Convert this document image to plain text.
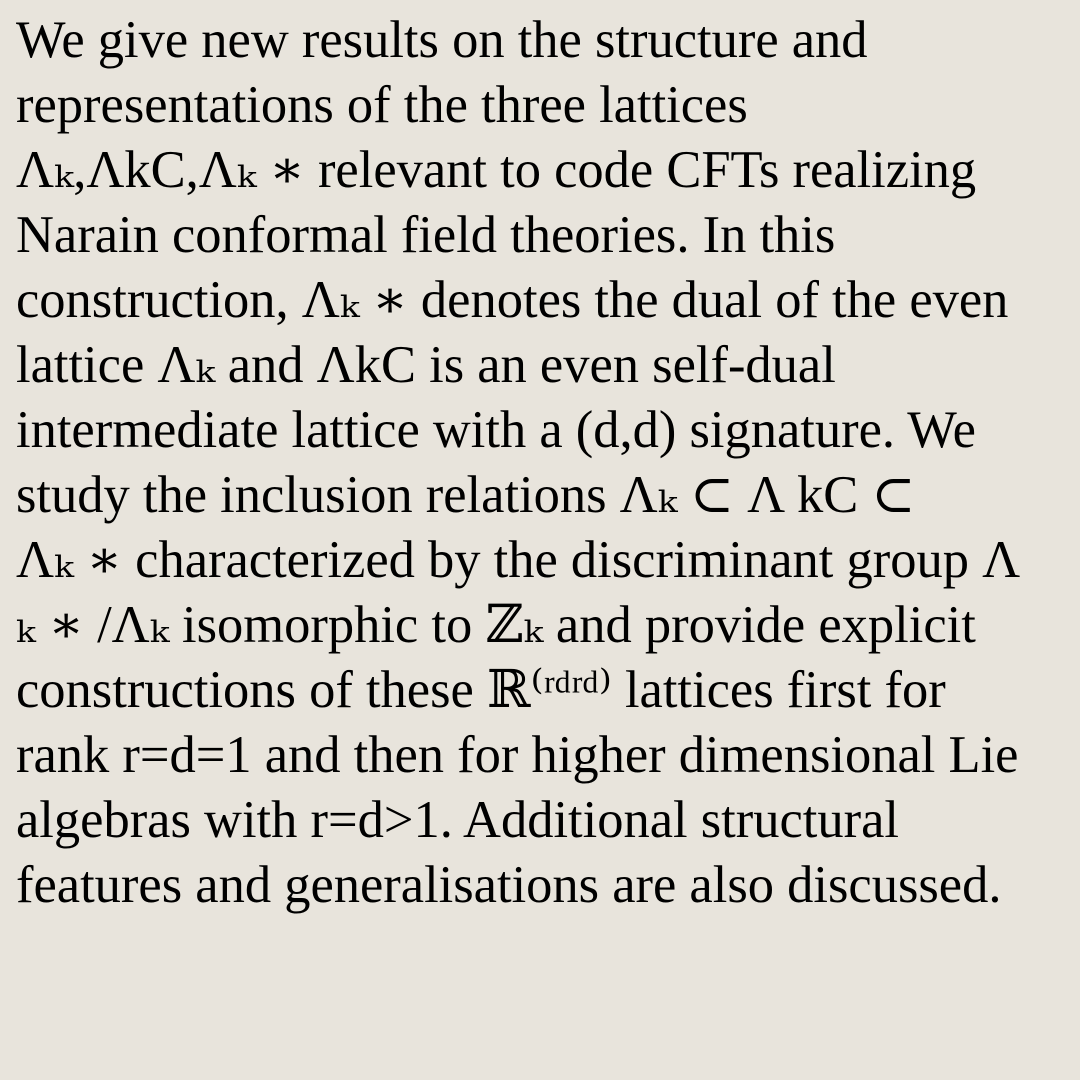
We give new results on the structure and
representations of the three lattices
Λₖ,ΛkC,Λₖ ∗ relevant to code CFTs realizing
Narain conformal field theories. In this
construction, Λₖ ∗ denotes the dual of the even
lattice Λₖ and ΛkC is an even self-dual
intermediate lattice with a (d,d) signature. We
study the inclusion relations Λₖ ⊂ Λ kC ⊂
Λₖ ∗ characterized by the discriminant group Λ
ₖ ∗ /Λₖ isomorphic to ℤₖ and provide explicit
constructions of these ℝ⁽ʳᵈʳᵈ⁾ lattices first for
rank r=d=1 and then for higher dimensional Lie
algebras with r=d>1. Additional structural
features and generalisations are also discussed.
